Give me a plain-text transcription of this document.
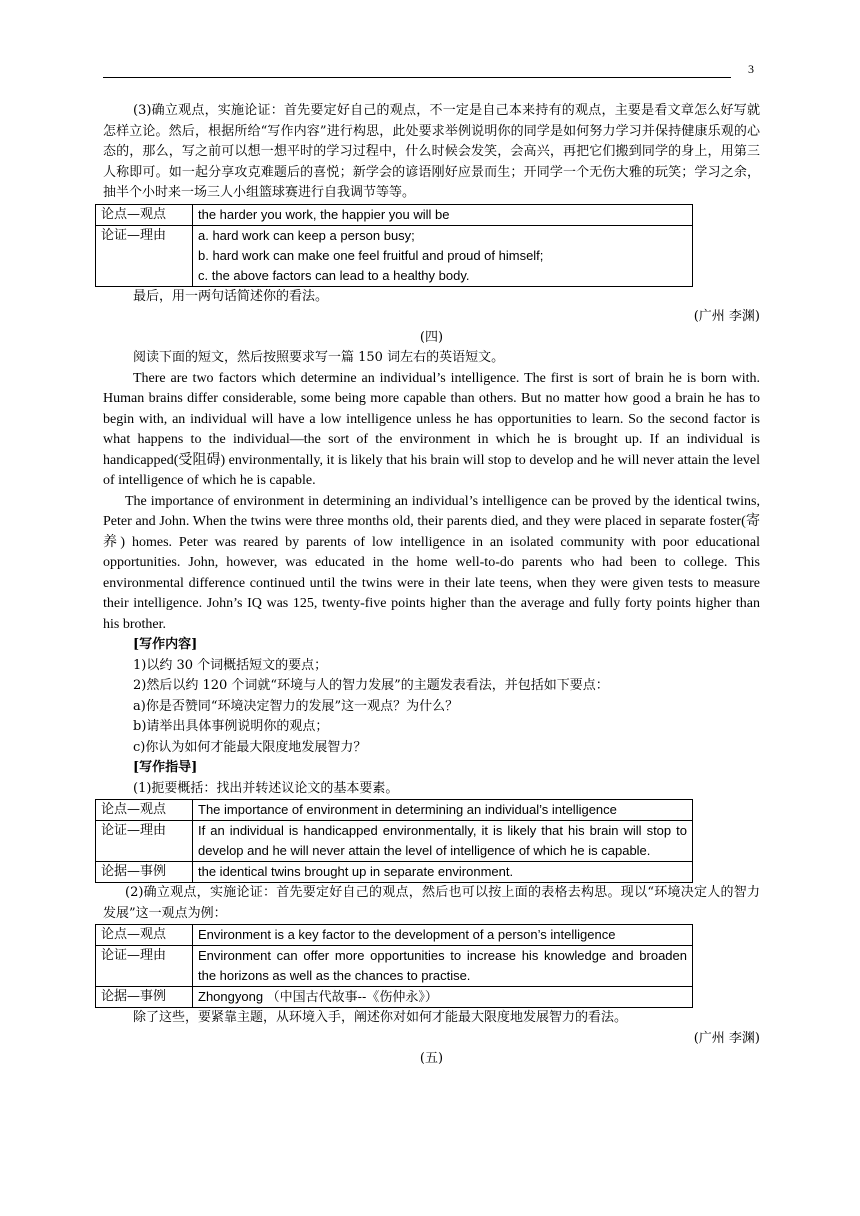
3

(3)确立观点，实施论证：首先要定好自己的观点，不一定是自己本来持有的观点，主要是看文章怎么好写就怎样立论。然后，根据所给“写作内容”进行构思，此处要求举例说明你的同学是如何努力学习并保持健康乐观的心态的，那么，写之前可以想一想平时的学习过程中，什么时候会发笑，会高兴，再把它们搬到同学的身上，用第三人称即可。如一起分享攻克难题后的喜悦；新学会的谚语刚好应景而生；开同学一个无伤大雅的玩笑；学习之余，抽半个小时来一场三人小组篮球赛进行自我调节等等。

论点—观点	the harder you work, the happier you will be
论证—理由	a. hard work can keep a person busy;
b. hard work can make one feel fruitful and proud of himself;
c. the above factors can lead to a healthy body.

最后，用一两句话简述你的看法。

(广州 李渊)

(四)

阅读下面的短文，然后按照要求写一篇 150 词左右的英语短文。

There are two factors which determine an individual’s intelligence. The first is sort of brain he is born with. Human brains differ considerable, some being more capable than others. But no matter how good a brain he has to begin with, an individual will have a low intelligence unless he has opportunities to learn. So the second factor is what happens to the individual—the sort of the environment in which he is brought up. If an individual is handicapped(受阻碍) environmentally, it is likely that his brain will stop to develop and he will never attain the level of intelligence of which he is capable.

The importance of environment in determining an individual’s intelligence can be proved by the identical twins, Peter and John. When the twins were three months old, their parents died, and they were placed in separate foster(寄养) homes. Peter was reared by parents of low intelligence in an isolated community with poor educational opportunities. John, however, was educated in the home well-to-do parents who had been to college. This environmental difference continued until the twins were in their late teens, when they were given tests to measure their intelligence. John’s IQ was 125, twenty-five points higher than the average and fully forty points higher than his brother.

[写作内容]

1)以约 30 个词概括短文的要点；

2)然后以约 120 个词就“环境与人的智力发展”的主题发表看法，并包括如下要点：

a)你是否赞同“环境决定智力的发展”这一观点？为什么？

b)请举出具体事例说明你的观点；

c)你认为如何才能最大限度地发展智力？

[写作指导]

(1)扼要概括：找出并转述议论文的基本要素。

论点—观点	The importance of environment in determining an individual’s intelligence
论证—理由	If an individual is handicapped environmentally, it is likely that his brain will stop to develop and he will never attain the level of intelligence of which he is capable.
论据—事例	the identical twins brought up in separate environment.

(2)确立观点，实施论证：首先要定好自己的观点，然后也可以按上面的表格去构思。现以“环境决定人的智力发展”这一观点为例：

论点—观点	Environment is a key factor to the development of a person’s intelligence
论证—理由	Environment can offer more opportunities to increase his knowledge and broaden the horizons as well as the chances to practise.
论据—事例	Zhongyong （中国古代故事--《伤仲永》）

除了这些，要紧靠主题，从环境入手，阐述你对如何才能最大限度地发展智力的看法。

(广州 李渊)

(五)
